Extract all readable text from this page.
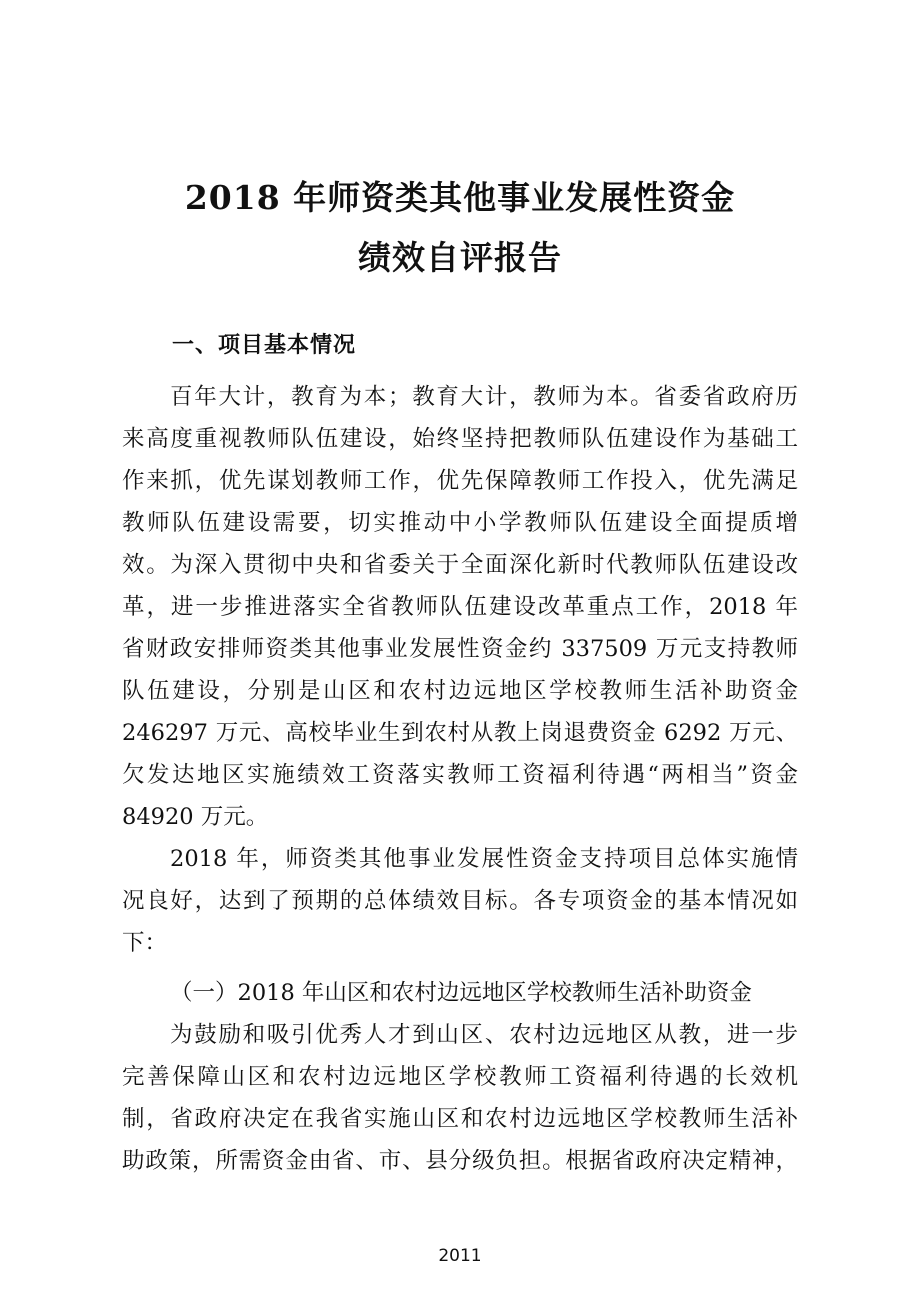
2018 年师资类其他事业发展性资金
绩效自评报告
一、项目基本情况
百年大计，教育为本；教育大计，教师为本。省委省政府历
来高度重视教师队伍建设，始终坚持把教师队伍建设作为基础工
作来抓，优先谋划教师工作，优先保障教师工作投入，优先满足
教师队伍建设需要，切实推动中小学教师队伍建设全面提质增
效。为深入贯彻中央和省委关于全面深化新时代教师队伍建设改
革，进一步推进落实全省教师队伍建设改革重点工作，2018 年
省财政安排师资类其他事业发展性资金约 337509 万元支持教师
队伍建设，分别是山区和农村边远地区学校教师生活补助资金
246297 万元、高校毕业生到农村从教上岗退费资金 6292 万元、
欠发达地区实施绩效工资落实教师工资福利待遇“两相当”资金
84920 万元。
2018 年，师资类其他事业发展性资金支持项目总体实施情
况良好，达到了预期的总体绩效目标。各专项资金的基本情况如
下：
（一）2018 年山区和农村边远地区学校教师生活补助资金
为鼓励和吸引优秀人才到山区、农村边远地区从教，进一步
完善保障山区和农村边远地区学校教师工资福利待遇的长效机
制，省政府决定在我省实施山区和农村边远地区学校教师生活补
助政策，所需资金由省、市、县分级负担。根据省政府决定精神，
2011
